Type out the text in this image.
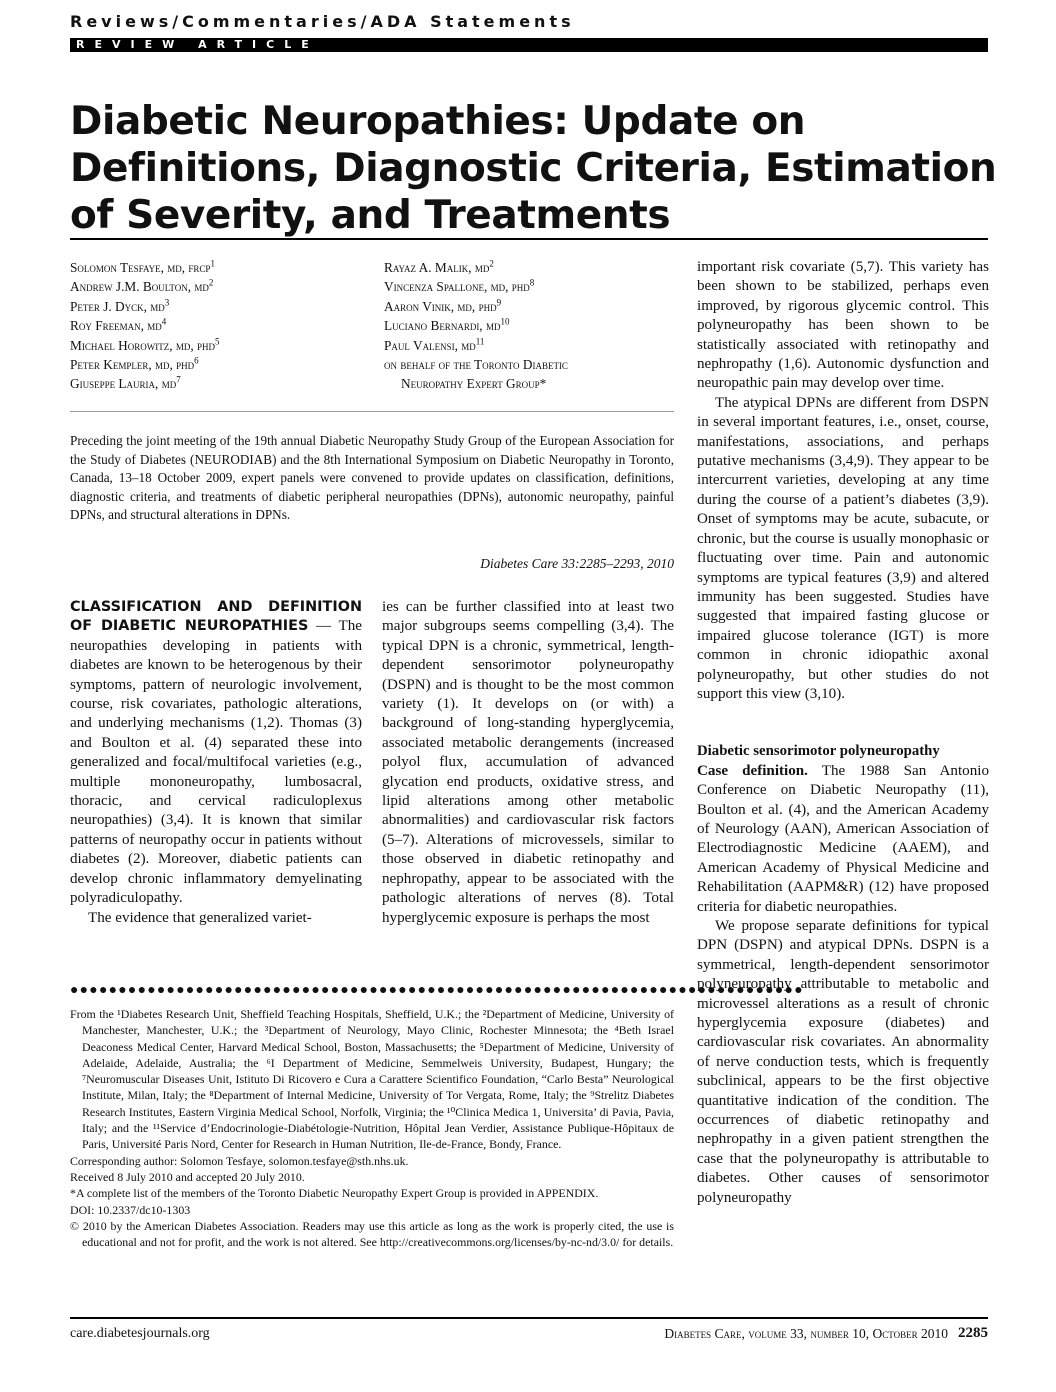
Reviews/Commentaries/ADA Statements
REVIEW ARTICLE
Diabetic Neuropathies: Update on Definitions, Diagnostic Criteria, Estimation of Severity, and Treatments
Solomon Tesfaye, md, frcp$^1$
Andrew J.M. Boulton, $md^2$
Peter J. Dyck, $md^3$
Roy Freeman, $md^4$
Michael Horowitz, md, phd$^5$
Peter Kempler, md, phd$^6$
Giuseppe Lauria, $md^7$
Rayaz A. Malik, $md^2$
Vincenza Spallone, md, phd$^8$
Aaron Vinik, md, phd$^9$
Luciano Bernardi, $md^{10}$
Paul Valensi, $md^{11}$
on behalf of the Toronto Diabetic
Neuropathy Expert Group*
Preceding the joint meeting of the 19th annual Diabetic Neuropathy Study Group of the European Association for the Study of Diabetes (NEURODIAB) and the 8th International Symposium on Diabetic Neuropathy in Toronto, Canada, 13–18 October 2009, expert panels were convened to provide updates on classification, definitions, diagnostic criteria, and treatments of diabetic peripheral neuropathies (DPNs), autonomic neuropathy, painful DPNs, and structural alterations in DPNs.
Diabetes Care 33:2285–2293, 2010

CLASSIFICATION AND DEFINITION OF DIABETIC NEUROPATHIES — The neuropathies developing in patients with diabetes are known to be heterogenous by their symptoms, pattern of neurologic involvement, course, risk covariates, pathologic alterations, and underlying mechanisms (1,2). Thomas (3) and Boulton et al. (4) separated these into generalized and focal/multifocal varieties (e.g., multiple mononeuropathy, lumbosacral, thoracic, and cervical radiculoplexus neuropathies) (3,4). It is known that similar patterns of neuropathy occur in patients without diabetes (2). Moreover, diabetic patients can develop chronic inflammatory demyelinating polyradiculopathy.

The evidence that generalized variet-

ies can be further classified into at least two major subgroups seems compelling (3,4). The typical DPN is a chronic, symmetrical, length-dependent sensorimotor polyneuropathy (DSPN) and is thought to be the most common variety (1). It develops on (or with) a background of long-standing hyperglycemia, associated metabolic derangements (increased polyol flux, accumulation of advanced glycation end products, oxidative stress, and lipid alterations among other metabolic abnormalities) and cardiovascular risk factors (5–7). Alterations of microvessels, similar to those observed in diabetic retinopathy and nephropathy, appear to be associated with the pathologic alterations of nerves (8). Total hyperglycemic exposure is perhaps the most

important risk covariate (5,7). This variety has been shown to be stabilized, perhaps even improved, by rigorous glycemic control. This polyneuropathy has been shown to be statistically associated with retinopathy and nephropathy (1,6). Autonomic dysfunction and neuropathic pain may develop over time.

The atypical DPNs are different from DSPN in several important features, i.e., onset, course, manifestations, associations, and perhaps putative mechanisms (3,4,9). They appear to be intercurrent varieties, developing at any time during the course of a patient’s diabetes (3,9). Onset of symptoms may be acute, subacute, or chronic, but the course is usually monophasic or fluctuating over time. Pain and autonomic symptoms are typical features (3,9) and altered immunity has been suggested. Studies have suggested that impaired fasting glucose or impaired glucose tolerance (IGT) is more common in chronic idiopathic axonal polyneuropathy, but other studies do not support this view (3,10).

Diabetic sensorimotor polyneuropathy

Case definition. The 1988 San Antonio Conference on Diabetic Neuropathy (11), Boulton et al. (4), and the American Academy of Neurology (AAN), American Association of Electrodiagnostic Medicine (AAEM), and American Academy of Physical Medicine and Rehabilitation (AAPM&R) (12) have proposed criteria for diabetic neuropathies.

We propose separate definitions for typical DPN (DSPN) and atypical DPNs. DSPN is a symmetrical, length-dependent sensorimotor polyneuropathy attributable to metabolic and microvessel alterations as a result of chronic hyperglycemia exposure (diabetes) and cardiovascular risk covariates. An abnormality of nerve conduction tests, which is frequently subclinical, appears to be the first objective quantitative indication of the condition. The occurrences of diabetic retinopathy and nephropathy in a given patient strengthen the case that the polyneuropathy is attributable to diabetes. Other causes of sensorimotor polyneuropathy

●●●●●●●●●●●●●●●●●●●●●●●●●●●●●●●●●●●●●●●●●●●●●●●●●●●●●●●●●●●●●●●●●●●●●●●●●●●●

From the ¹Diabetes Research Unit, Sheffield Teaching Hospitals, Sheffield, U.K.; the ²Department of Medicine, University of Manchester, Manchester, U.K.; the ³Department of Neurology, Mayo Clinic, Rochester Minnesota; the ⁴Beth Israel Deaconess Medical Center, Harvard Medical School, Boston, Massachusetts; the ⁵Department of Medicine, University of Adelaide, Adelaide, Australia; the ⁶I Department of Medicine, Semmelweis University, Budapest, Hungary; the ⁷Neuromuscular Diseases Unit, Istituto Di Ricovero e Cura a Carattere Scientifico Foundation, “Carlo Besta” Neurological Institute, Milan, Italy; the ⁸Department of Internal Medicine, University of Tor Vergata, Rome, Italy; the ⁹Strelitz Diabetes Research Institutes, Eastern Virginia Medical School, Norfolk, Virginia; the ¹⁰Clinica Medica 1, Universita’ di Pavia, Pavia, Italy; and the ¹¹Service d’Endocrinologie-Diabétologie-Nutrition, Hôpital Jean Verdier, Assistance Publique-Hôpitaux de Paris, Université Paris Nord, Center for Research in Human Nutrition, Ile-de-France, Bondy, France.

Corresponding author: Solomon Tesfaye, solomon.tesfaye@sth.nhs.uk.

Received 8 July 2010 and accepted 20 July 2010.

*A complete list of the members of the Toronto Diabetic Neuropathy Expert Group is provided in APPENDIX.

DOI: 10.2337/dc10-1303

© 2010 by the American Diabetes Association. Readers may use this article as long as the work is properly cited, the use is educational and not for profit, and the work is not altered. See http://creativecommons.org/licenses/by-nc-nd/3.0/ for details.

care.diabetesjournals.org	Diabetes Care, volume 33, number 10, October 2010 2285
